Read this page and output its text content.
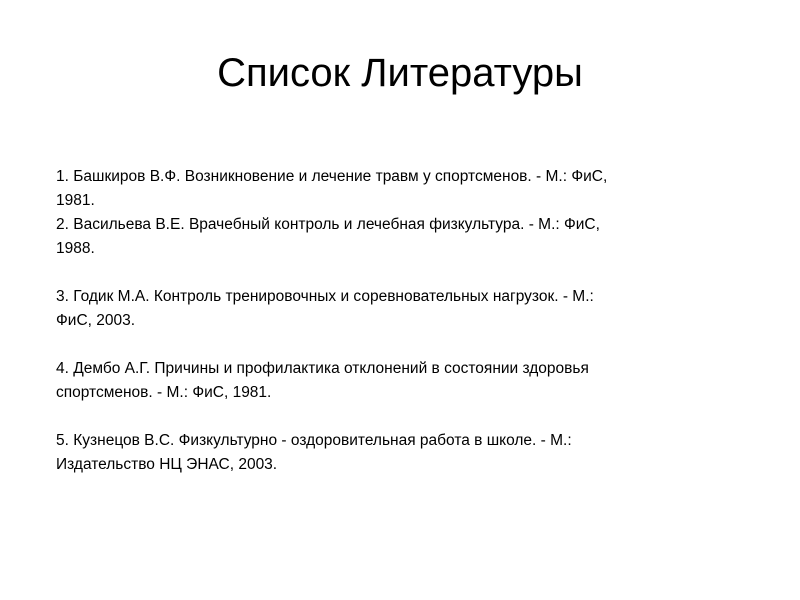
Список Литературы
1. Башкиров В.Ф. Возникновение и лечение травм у спортсменов. - М.: ФиС,
1981.
2. Васильева В.Е. Врачебный контроль и лечебная физкультура. - М.: ФиС,
1988.
3. Годик М.А. Контроль тренировочных и соревновательных нагрузок. - М.:
ФиС, 2003.
4. Дембо А.Г. Причины и профилактика отклонений в состоянии здоровья
спортсменов. - М.: ФиС, 1981.
5. Кузнецов В.С. Физкультурно - оздоровительная работа в школе. - М.:
Издательство НЦ ЭНАС, 2003.
